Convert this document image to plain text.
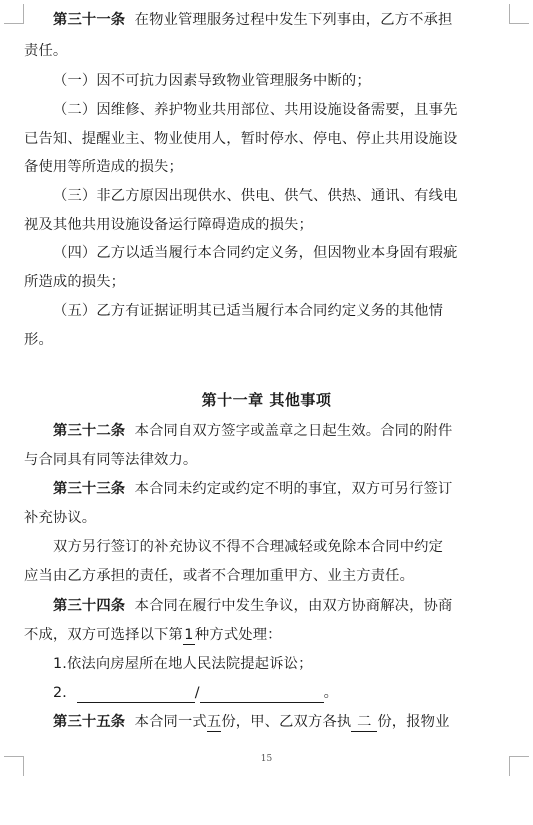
第三十一条 在物业管理服务过程中发生下列事由，乙方不承担
责任。
（一）因不可抗力因素导致物业管理服务中断的；
（二）因维修、养护物业共用部位、共用设施设备需要，且事先
已告知、提醒业主、物业使用人，暂时停水、停电、停止共用设施设
备使用等所造成的损失；
（三）非乙方原因出现供水、供电、供气、供热、通讯、有线电
视及其他共用设施设备运行障碍造成的损失；
（四）乙方以适当履行本合同约定义务，但因物业本身固有瑕疵
所造成的损失；
（五）乙方有证据证明其已适当履行本合同约定义务的其他情
形。
第十一章 其他事项
第三十二条 本合同自双方签字或盖章之日起生效。合同的附件
与合同具有同等法律效力。
第三十三条 本合同未约定或约定不明的事宜，双方可另行签订
补充协议。
双方另行签订的补充协议不得不合理减轻或免除本合同中约定
应当由乙方承担的责任，或者不合理加重甲方、业主方责任。
第三十四条 本合同在履行中发生争议，由双方协商解决，协商
不成，双方可选择以下第1种方式处理：
1.依法向房屋所在地人民法院提起诉讼；
2．	/	。
第三十五条 本合同一式五份，甲、乙双方各执 二 份，报物业
15
